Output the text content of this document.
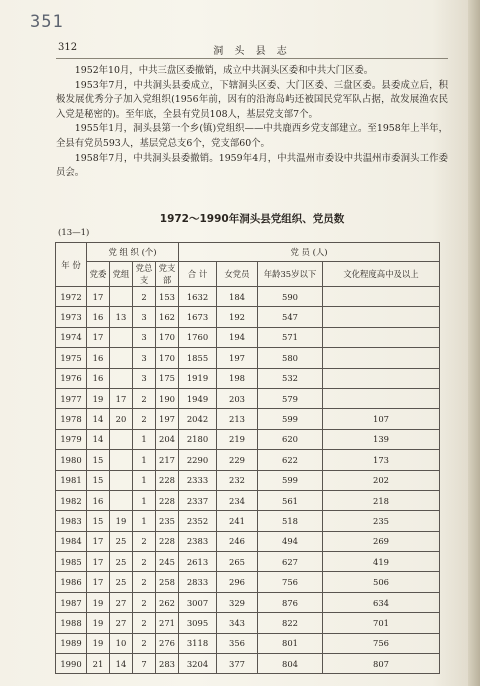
351
312	洞 头 县 志

1952年10月，中共三盘区委撤销，成立中共洞头区委和中共大门区委。

1953年7月，中共洞头县委成立，下辖洞头区委、大门区委、三盘区委。县委成立后，积极发展优秀分子加入党组织(1956年前，因有的沿海岛屿还被国民党军队占据，故发展渔农民入党是秘密的)。至年底，全县有党员108人，基层党支部7个。

1955年1月，洞头县第一个乡(镇)党组织——中共鹿西乡党支部建立。至1958年上半年，全县有党员593人，基层党总支6个，党支部60个。

1958年7月，中共洞头县委撤销。1959年4月，中共温州市委设中共温州市委洞头工作委员会。

1972～1990年洞头县党组织、党员数
(13—1)
年 份	党 组 织 (个)				党 员 (人)			
	党委	党组	党总支	党支部	合 计	女党员	年龄35岁以下	文化程度高中及以上
1972	17		2	153	1632	184	590	
1973	16	13	3	162	1673	192	547	
1974	17		3	170	1760	194	571	
1975	16		3	170	1855	197	580	
1976	16		3	175	1919	198	532	
1977	19	17	2	190	1949	203	579	
1978	14	20	2	197	2042	213	599	107
1979	14		1	204	2180	219	620	139
1980	15		1	217	2290	229	622	173
1981	15		1	228	2333	232	599	202
1982	16		1	228	2337	234	561	218
1983	15	19	1	235	2352	241	518	235
1984	17	25	2	228	2383	246	494	269
1985	17	25	2	245	2613	265	627	419
1986	17	25	2	258	2833	296	756	506
1987	19	27	2	262	3007	329	876	634
1988	19	27	2	271	3095	343	822	701
1989	19	10	2	276	3118	356	801	756
1990	21	14	7	283	3204	377	804	807
